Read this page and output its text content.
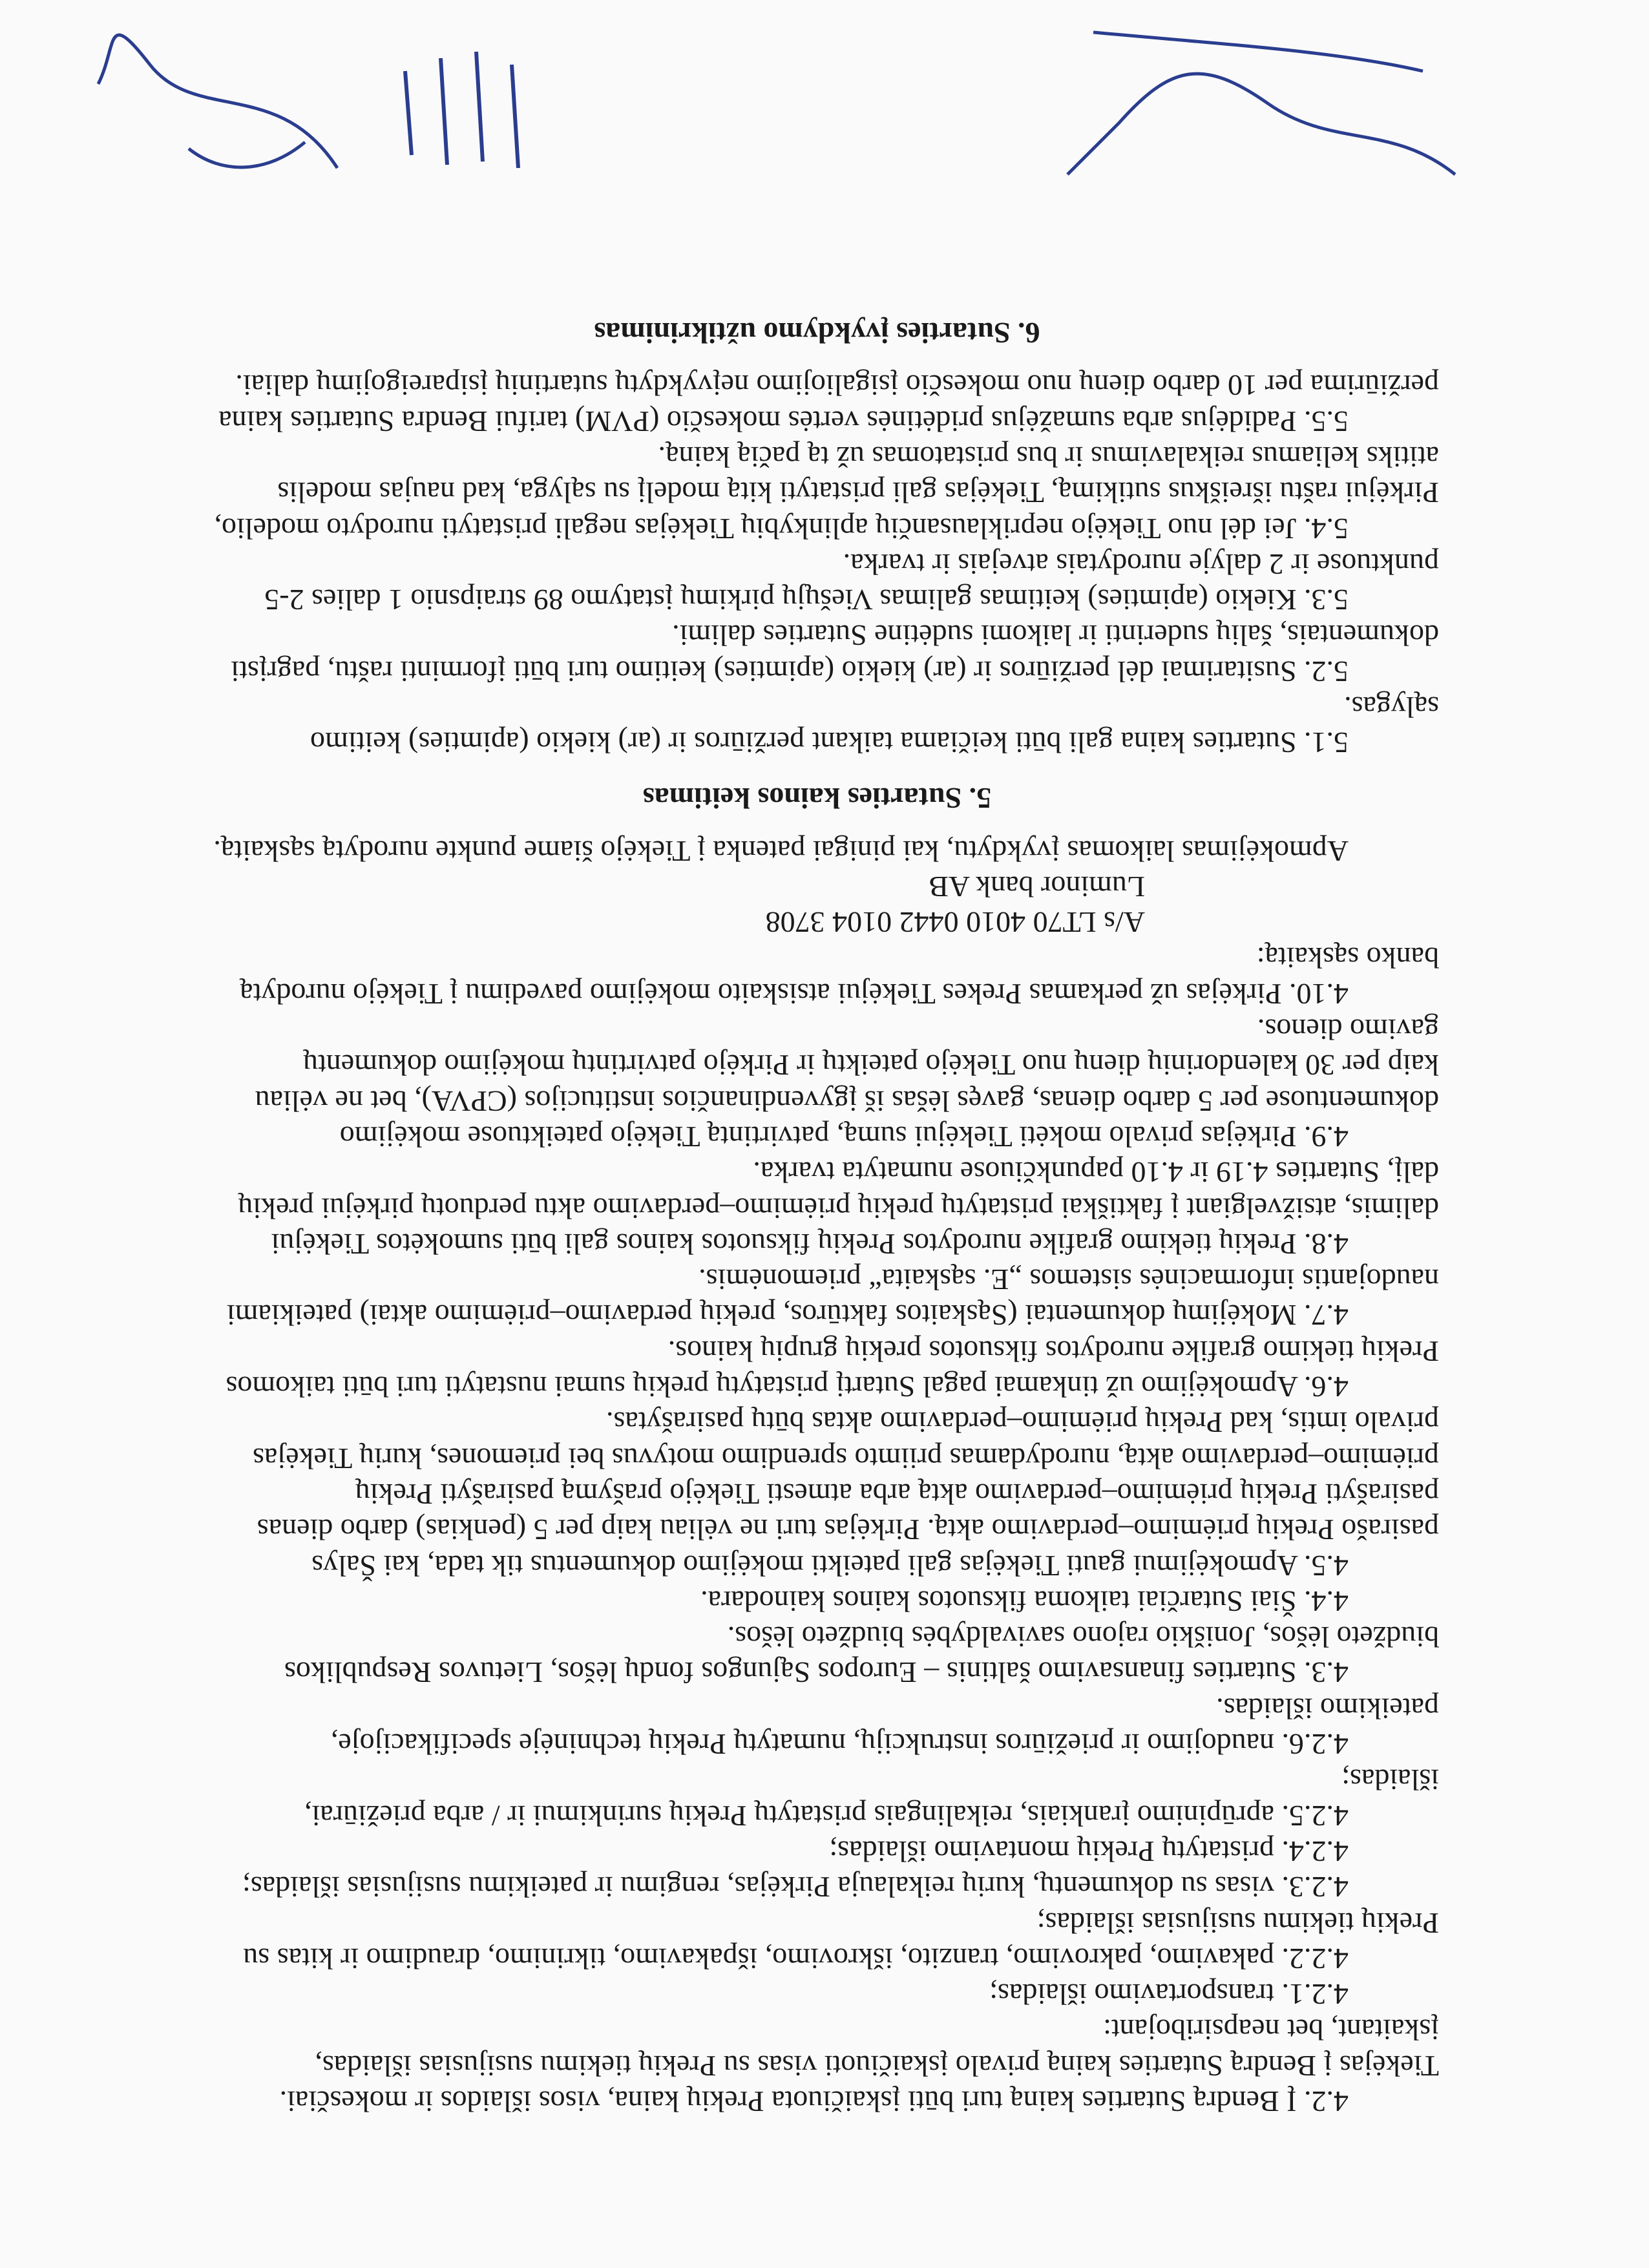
4.2. Į Bendrą Sutarties kainą turi būti įskaičiuota Prekių kaina, visos išlaidos ir mokesčiai.
Tiekėjas į Bendrą Sutarties kainą privalo įskaičiuoti visas su Prekių tiekimu susijusias išlaidas,
įskaitant, bet neapsiribojant:

4.2.1. transportavimo išlaidas;

4.2.2. pakavimo, pakrovimo, tranzito, iškrovimo, išpakavimo, tikrinimo, draudimo ir kitas su
Prekių tiekimu susijusias išlaidas;

4.2.3. visas su dokumentų, kurių reikalauja Pirkėjas, rengimu ir pateikimu susijusias išlaidas;

4.2.4. pristatytų Prekių montavimo išlaidas;

4.2.5. aprūpinimo įrankiais, reikalingais pristatytų Prekių surinkimui ir / arba priežiūrai,
išlaidas;

4.2.6. naudojimo ir priežiūros instrukcijų, numatytų Prekių techninėje specifikacijoje,
pateikimo išlaidas.

4.3. Sutarties finansavimo šaltinis – Europos Sąjungos fondų lėšos, Lietuvos Respublikos
biudžeto lėšos, Joniškio rajono savivaldybės biudžeto lėšos.

4.4. Šiai Sutarčiai taikoma fiksuotos kainos kainodara.

4.5. Apmokėjimui gauti Tiekėjas gali pateikti mokėjimo dokumentus tik tada, kai Šalys
pasirašo Prekių priėmimo–perdavimo aktą. Pirkėjas turi ne vėliau kaip per 5 (penkias) darbo dienas
pasirašyti Prekių priėmimo–perdavimo aktą arba atmesti Tiekėjo prašymą pasirašyti Prekių
priėmimo–perdavimo aktą, nurodydamas priimto sprendimo motyvus bei priemones, kurių Tiekėjas
privalo imtis, kad Prekių priėmimo–perdavimo aktas būtų pasirašytas.

4.6. Apmokėjimo už tinkamai pagal Sutartį pristatytų prekių sumai nustatyti turi būti taikomos
Prekių tiekimo grafike nurodytos fiksuotos prekių grupių kainos.

4.7. Mokėjimų dokumentai (Sąskaitos faktūros, prekių perdavimo–priėmimo aktai) pateikiami
naudojantis informacinės sistemos „E. sąskaita“ priemonėmis.

4.8. Prekių tiekimo grafike nurodytos Prekių fiksuotos kainos gali būti sumokėtos Tiekėjui
dalimis, atsižvelgiant į faktiškai pristatytų prekių priėmimo–perdavimo aktu perduotų pirkėjui prekių
dalį, Sutarties 4.19 ir 4.10 papunkčiuose numatyta tvarka.

4.9. Pirkėjas privalo mokėti Tiekėjui sumą, patvirtintą Tiekėjo pateiktuose mokėjimo
dokumentuose per 5 darbo dienas, gavęs lėšas iš įgyvendinančios institucijos (CPVA), bet ne vėliau
kaip per 30 kalendorinių dienų nuo Tiekėjo pateiktų ir Pirkėjo patvirtintų mokėjimo dokumentų
gavimo dienos.

4.10. Pirkėjas už perkamas Prekes Tiekėjui atsiskaito mokėjimo pavedimu į Tiekėjo nurodytą
banko sąskaitą:

A/s LT70 4010 0442 0104 3708
Luminor bank AB

Apmokėjimas laikomas įvykdytu, kai pinigai patenka į Tiekėjo šiame punkte nurodytą sąskaitą.

5. Sutarties kainos keitimas

5.1. Sutarties kaina gali būti keičiama taikant peržiūros ir (ar) kiekio (apimties) keitimo
sąlygas.

5.2. Susitarimai dėl peržiūros ir (ar) kiekio (apimties) keitimo turi būti įforminti raštu, pagrįsti
dokumentais, šalių suderinti ir laikomi sudėtine Sutarties dalimi.

5.3. Kiekio (apimties) keitimas galimas Viešųjų pirkimų įstatymo 89 straipsnio 1 dalies 2-5
punktuose ir 2 dalyje nurodytais atvejais ir tvarka.

5.4. Jei dėl nuo Tiekėjo nepriklausančių aplinkybių Tiekėjas negali pristatyti nurodyto modelio,
Pirkėjui raštu išreiškus sutikimą, Tiekėjas gali pristatyti kitą modelį su sąlyga, kad naujas modelis
atitiks keliamus reikalavimus ir bus pristatomas už tą pačią kainą.

5.5. Padidėjus arba sumažėjus pridėtinės vertės mokesčio (PVM) tarifui Bendra Sutarties kaina
peržiūrima per 10 darbo dienų nuo mokesčio įsigaliojimo neįvykdytų sutartinių įsipareigojimų daliai.

6. Sutarties įvykdymo užtikrinimas
